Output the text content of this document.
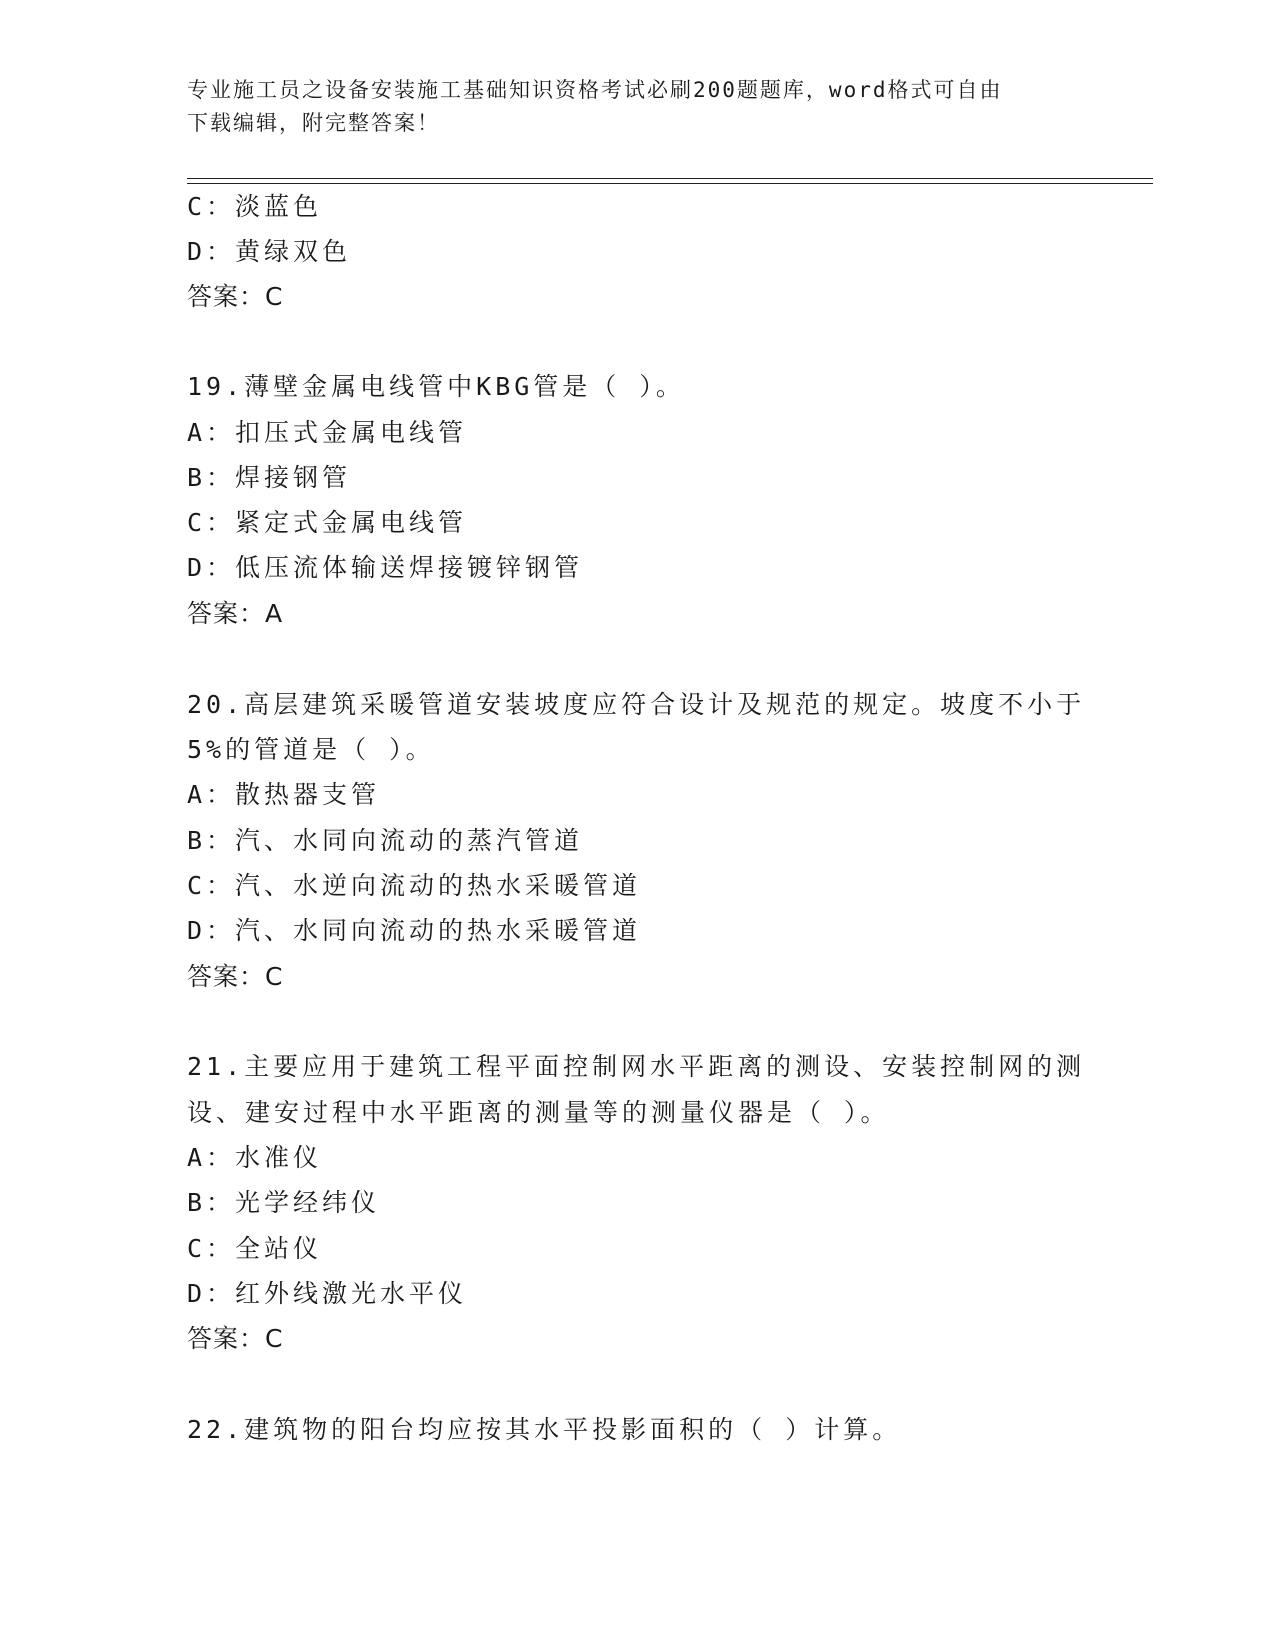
专业施工员之设备安装施工基础知识资格考试必刷200题题库，word格式可自由
下载编辑，附完整答案！
C：淡蓝色
D：黄绿双色
答案：C
19.薄壁金属电线管中KBG管是（ ）。
A：扣压式金属电线管
B：焊接钢管
C：紧定式金属电线管
D：低压流体输送焊接镀锌钢管
答案：A
20.高层建筑采暖管道安装坡度应符合设计及规范的规定。坡度不小于
5%的管道是（ ）。
A：散热器支管
B：汽、水同向流动的蒸汽管道
C：汽、水逆向流动的热水采暖管道
D：汽、水同向流动的热水采暖管道
答案：C
21.主要应用于建筑工程平面控制网水平距离的测设、安装控制网的测
设、建安过程中水平距离的测量等的测量仪器是（ ）。
A：水准仪
B：光学经纬仪
C：全站仪
D：红外线激光水平仪
答案：C
22.建筑物的阳台均应按其水平投影面积的（ ）计算。
